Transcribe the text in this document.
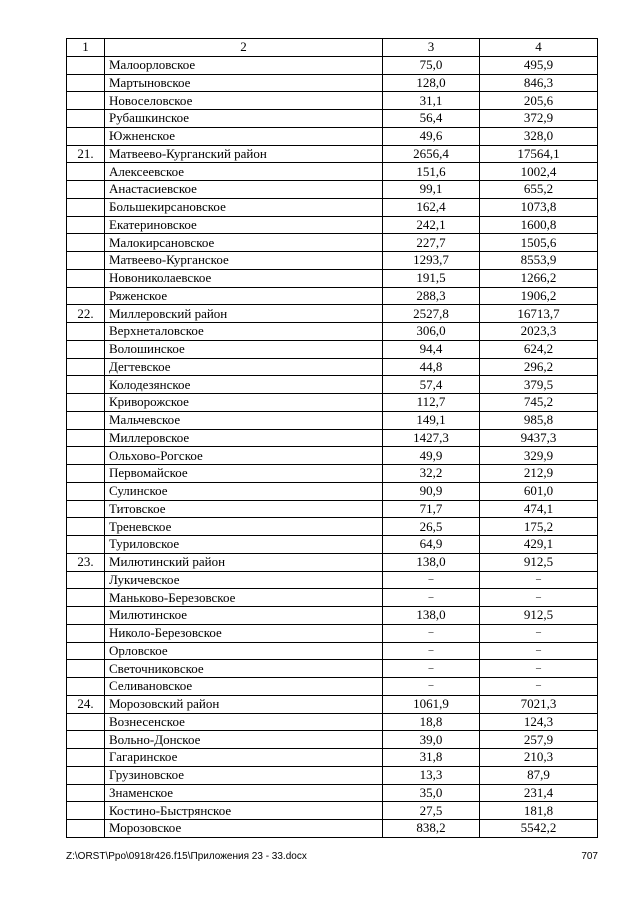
1	2	3	4
	Малоорловское	75,0	495,9
	Мартыновское	128,0	846,3
	Новоселовское	31,1	205,6
	Рубашкинское	56,4	372,9
	Южненское	49,6	328,0
21.	Матвеево-Курганский район	2656,4	17564,1
	Алексеевское	151,6	1002,4
	Анастасиевское	99,1	655,2
	Большекирсановское	162,4	1073,8
	Екатериновское	242,1	1600,8
	Малокирсановское	227,7	1505,6
	Матвеево-Курганское	1293,7	8553,9
	Новониколаевское	191,5	1266,2
	Ряженское	288,3	1906,2
22.	Миллеровский район	2527,8	16713,7
	Верхнеталовское	306,0	2023,3
	Волошинское	94,4	624,2
	Дегтевское	44,8	296,2
	Колодезянское	57,4	379,5
	Криворожское	112,7	745,2
	Мальчевское	149,1	985,8
	Миллеровское	1427,3	9437,3
	Ольхово-Рогское	49,9	329,9
	Первомайское	32,2	212,9
	Сулинское	90,9	601,0
	Титовское	71,7	474,1
	Треневское	26,5	175,2
	Туриловское	64,9	429,1
23.	Милютинский район	138,0	912,5
	Лукичевское	–	–
	Маньково-Березовское	–	–
	Милютинское	138,0	912,5
	Николо-Березовское	–	–
	Орловское	–	–
	Светочниковское	–	–
	Селивановское	–	–
24.	Морозовский район	1061,9	7021,3
	Вознесенское	18,8	124,3
	Вольно-Донское	39,0	257,9
	Гагаринское	31,8	210,3
	Грузиновское	13,3	87,9
	Знаменское	35,0	231,4
	Костино-Быстрянское	27,5	181,8
	Морозовское	838,2	5542,2
Z:\ORST\Ppo\0918r426.f15\Приложения 23 - 33.docx	707
